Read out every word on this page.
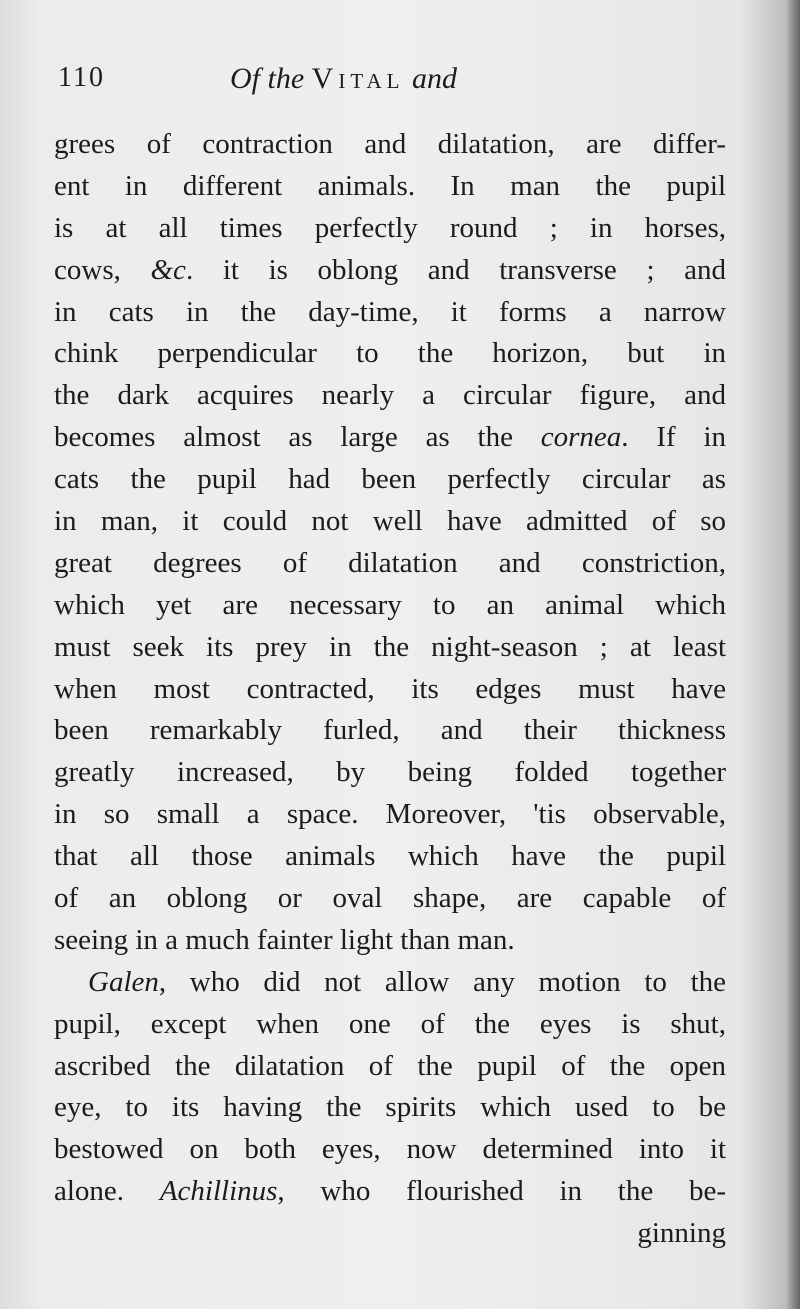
110	Of the Vital and
grees of contraction and dilatation, are differ-
ent in different animals. In man the pupil
is at all times perfectly round ; in horses,
cows, &c. it is oblong and transverse ; and
in cats in the day-time, it forms a narrow
chink perpendicular to the horizon, but in
the dark acquires nearly a circular figure, and
becomes almost as large as the cornea. If in
cats the pupil had been perfectly circular as
in man, it could not well have admitted of so
great degrees of dilatation and constriction,
which yet are necessary to an animal which
must seek its prey in the night-season ; at least
when most contracted, its edges must have
been remarkably furled, and their thickness
greatly increased, by being folded together
in so small a space. Moreover, 'tis observable,
that all those animals which have the pupil
of an oblong or oval shape, are capable of
seeing in a much fainter light than man.
Galen, who did not allow any motion to the
pupil, except when one of the eyes is shut,
ascribed the dilatation of the pupil of the open
eye, to its having the spirits which used to be
bestowed on both eyes, now determined into it
alone. Achillinus, who flourished in the be-
ginning
